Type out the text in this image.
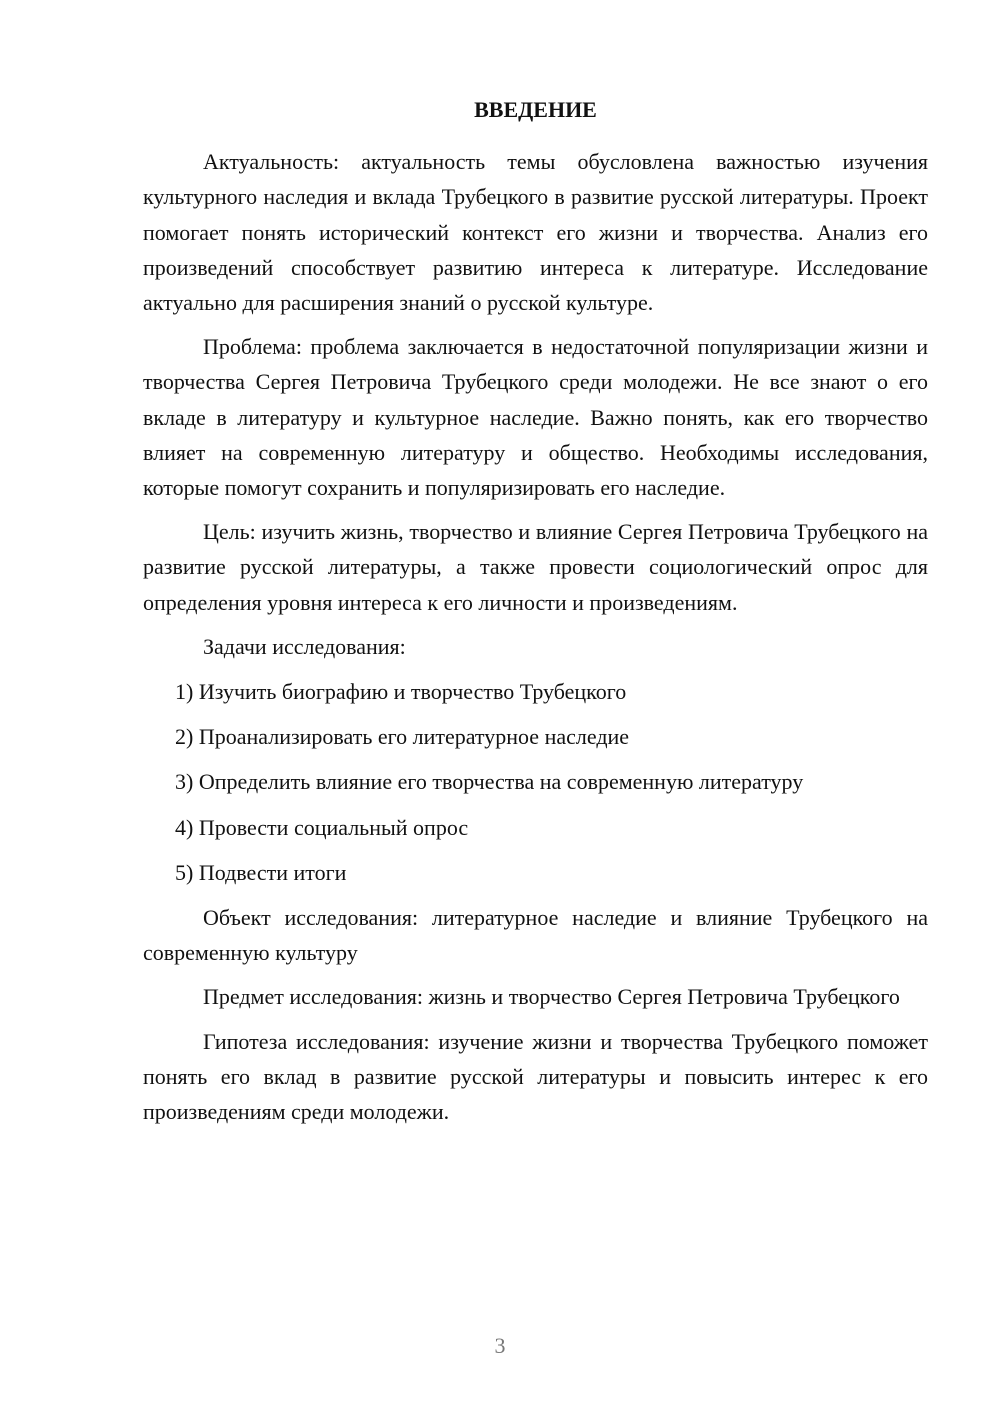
ВВЕДЕНИЕ

Актуальность: актуальность темы обусловлена важностью изучения культурного наследия и вклада Трубецкого в развитие русской литературы. Проект помогает понять исторический контекст его жизни и творчества. Анализ его произведений способствует развитию интереса к литературе. Исследование актуально для расширения знаний о русской культуре.

Проблема: проблема заключается в недостаточной популяризации жизни и творчества Сергея Петровича Трубецкого среди молодежи. Не все знают о его вкладе в литературу и культурное наследие. Важно понять, как его творчество влияет на современную литературу и общество. Необходимы исследования, которые помогут сохранить и популяризировать его наследие.

Цель: изучить жизнь, творчество и влияние Сергея Петровича Трубецкого на развитие русской литературы, а также провести социологический опрос для определения уровня интереса к его личности и произведениям.

Задачи исследования:

1) Изучить биографию и творчество Трубецкого

2) Проанализировать его литературное наследие

3) Определить влияние его творчества на современную литературу

4) Провести социальный опрос

5) Подвести итоги

Объект исследования: литературное наследие и влияние Трубецкого на современную культуру

Предмет исследования: жизнь и творчество Сергея Петровича Трубецкого

Гипотеза исследования: изучение жизни и творчества Трубецкого поможет понять его вклад в развитие русской литературы и повысить интерес к его произведениям среди молодежи.

3
